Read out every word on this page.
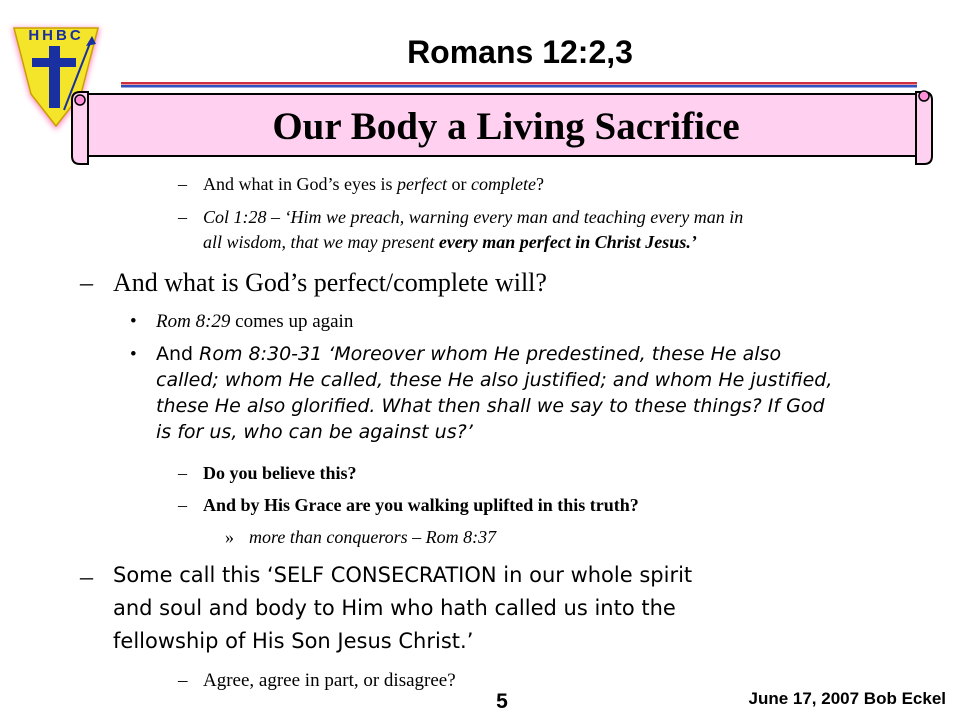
HHBC	Romans 12:2,3
Our Body a Living Sacrifice
– And what in God’s eyes is perfect or complete?
– Col 1:28 – ‘Him we preach, warning every man and teaching every man in
all wisdom, that we may present every man perfect in Christ Jesus.’
– And what is God’s perfect/complete will?
• Rom 8:29 comes up again
• And Rom 8:30-31 ‘Moreover whom He predestined, these He also
called; whom He called, these He also justified; and whom He justified,
these He also glorified. What then shall we say to these things? If God
is for us, who can be against us?’
– Do you believe this?
– And by His Grace are you walking uplifted in this truth?
» more than conquerors – Rom 8:37
– Some call this ‘SELF CONSECRATION in our whole spirit
and soul and body to Him who hath called us into the
fellowship of His Son Jesus Christ.’
– Agree, agree in part, or disagree?
5	June 17, 2007 Bob Eckel
